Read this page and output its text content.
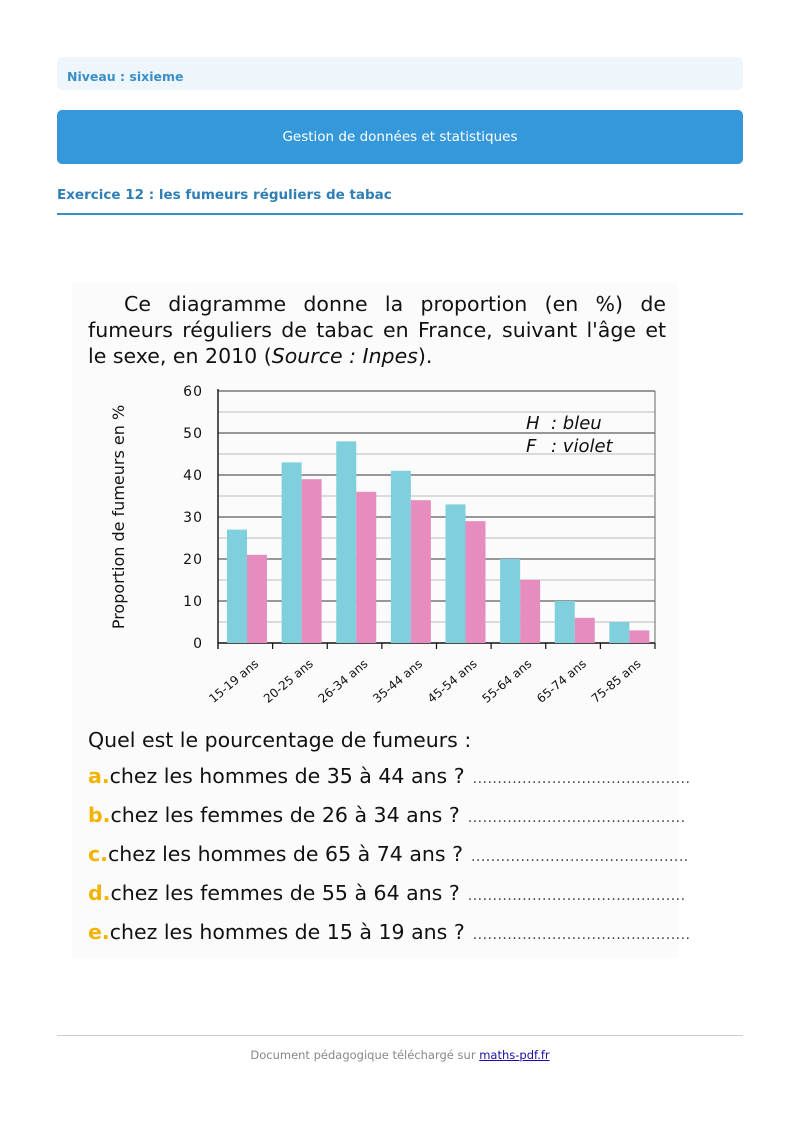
Niveau : sixieme
Gestion de données et statistiques
Exercice 12 : les fumeurs réguliers de tabac
Ce diagramme donne la proportion (en %) de fumeurs réguliers de tabac en France, suivant l'âge et le sexe, en 2010 (Source : Inpes).
0
10
20
30
40
50
60
Proportion de fumeurs en %
15-19 ans 20-25 ans 26-34 ans 35-44 ans 45-54 ans 55-64 ans 65-74 ans 75-85 ans
H : bleu
F : violet
Quel est le pourcentage de fumeurs :
a. chez les hommes de 35 à 44 ans ? ............................................
b. chez les femmes de 26 à 34 ans ? ............................................
c. chez les hommes de 65 à 74 ans ? ............................................
d. chez les femmes de 55 à 64 ans ? ............................................
e. chez les hommes de 15 à 19 ans ? ............................................
Document pédagogique téléchargé sur maths-pdf.fr
